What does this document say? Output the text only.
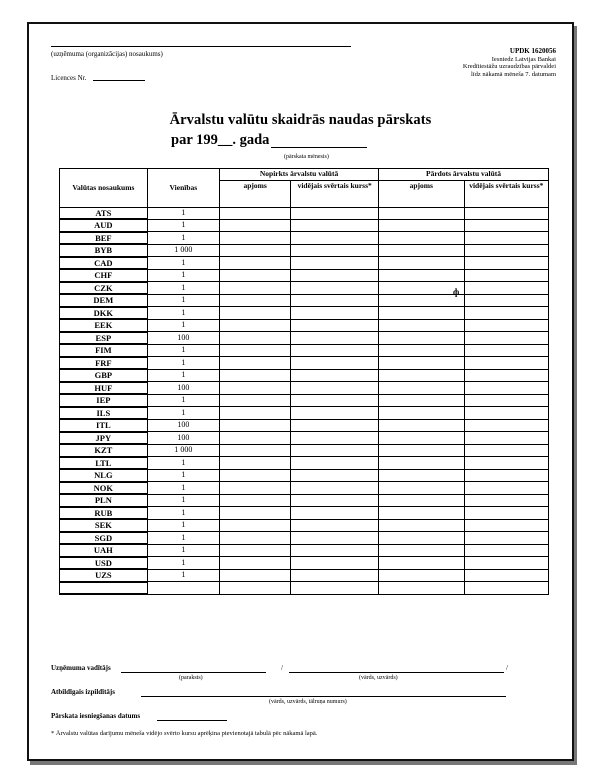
(uzņēmuma (organizācijas) nosaukums)
Licences Nr.
UPDK 1620056
Iesniedz Latvijas Bankai
Kredītiestāžu uzraudzības pārvaldei
līdz nākamā mēneša 7. datumam
Ārvalstu valūtu skaidrās naudas pārskats
par 199__. gada
(pārskata mēnesis)
Valūtas nosaukums	Vienības	Nopirkts ārvalstu valūtā		Pārdots ārvalstu valūtā	
		apjoms	vidējais svērtais kurss*	apjoms	vidējais svērtais kurss*
ATS	1				
AUD	1				
BEF	1				
BYB	1 000				
CAD	1				
CHF	1				
CZK	1				
DEM	1				
DKK	1				
EEK	1				
ESP	100				
FIM	1				
FRF	1				
GBP	1				
HUF	100				
IEP	1				
ILS	1				
ITL	100				
JPY	100				
KZT	1 000				
LTL	1				
NLG	1				
NOK	1				
PLN	1				
RUB	1				
SEK	1				
SGD	1				
UAH	1				
USD	1				
UZS	1				

ф
Uzņēmuma vadītājs
(paraksts)
/	/
(vārds, uzvārds)
Atbildīgais izpildītājs
(vārds, uzvārds, tālruņa numurs)
Pārskata iesniegšanas datums
* Ārvalstu valūtas darījumu mēneša vidējo svērto kursu aprēķina pievienotajā tabulā pēc nākamā lapā.
